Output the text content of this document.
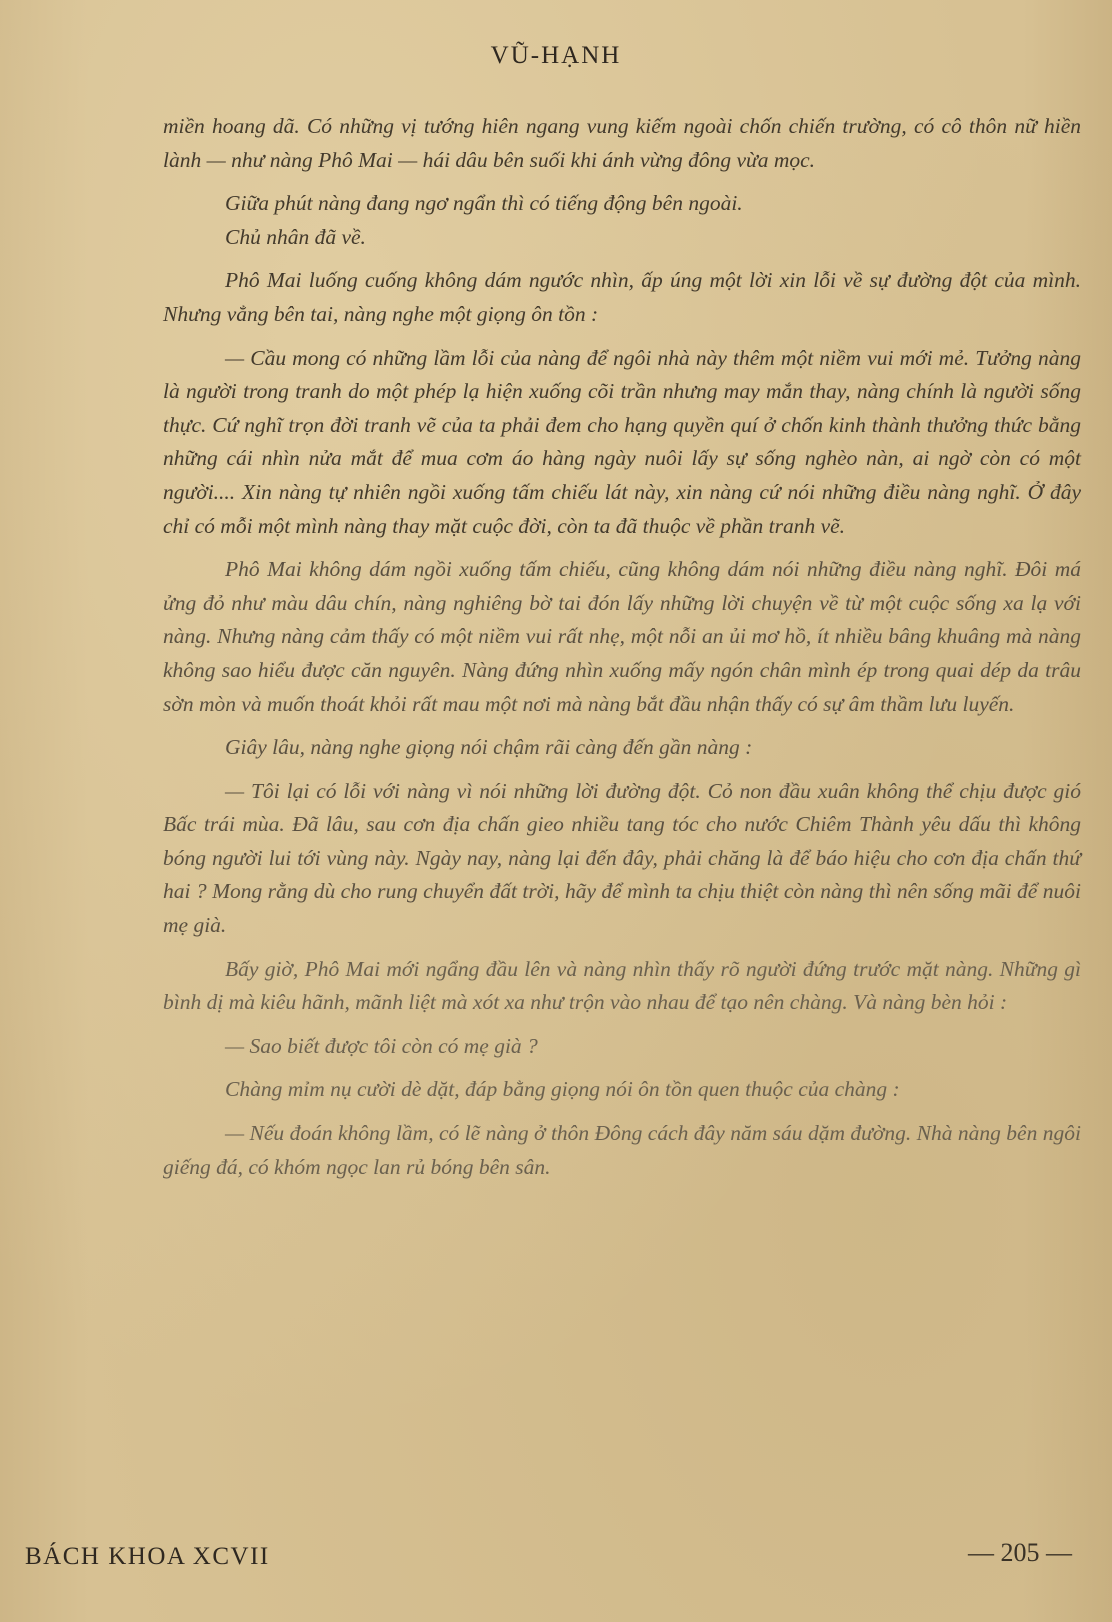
VŨ-HẠNH

miền hoang dã. Có những vị tướng hiên ngang vung kiếm ngoài chốn chiến trường, có cô thôn nữ hiền lành — như nàng Phô Mai — hái dâu bên suối khi ánh vừng đông vừa mọc.

Giữa phút nàng đang ngơ ngẩn thì có tiếng động bên ngoài.

Chủ nhân đã về.

Phô Mai luống cuống không dám ngước nhìn, ấp úng một lời xin lỗi về sự đường đột của mình. Nhưng vẳng bên tai, nàng nghe một giọng ôn tồn :

— Cầu mong có những lầm lỗi của nàng để ngôi nhà này thêm một niềm vui mới mẻ. Tưởng nàng là người trong tranh do một phép lạ hiện xuống cõi trần nhưng may mắn thay, nàng chính là người sống thực. Cứ nghĩ trọn đời tranh vẽ của ta phải đem cho hạng quyền quí ở chốn kinh thành thưởng thức bằng những cái nhìn nửa mắt để mua cơm áo hàng ngày nuôi lấy sự sống nghèo nàn, ai ngờ còn có một người.... Xin nàng tự nhiên ngồi xuống tấm chiếu lát này, xin nàng cứ nói những điều nàng nghĩ. Ở đây chỉ có mỗi một mình nàng thay mặt cuộc đời, còn ta đã thuộc về phần tranh vẽ.

Phô Mai không dám ngồi xuống tấm chiếu, cũng không dám nói những điều nàng nghĩ. Đôi má ửng đỏ như màu dâu chín, nàng nghiêng bờ tai đón lấy những lời chuyện về từ một cuộc sống xa lạ với nàng. Nhưng nàng cảm thấy có một niềm vui rất nhẹ, một nỗi an ủi mơ hồ, ít nhiều bâng khuâng mà nàng không sao hiểu được căn nguyên. Nàng đứng nhìn xuống mấy ngón chân mình ép trong quai dép da trâu sờn mòn và muốn thoát khỏi rất mau một nơi mà nàng bắt đầu nhận thấy có sự âm thầm lưu luyến.

Giây lâu, nàng nghe giọng nói chậm rãi càng đến gần nàng :

— Tôi lại có lỗi với nàng vì nói những lời đường đột. Cỏ non đầu xuân không thể chịu được gió Bấc trái mùa. Đã lâu, sau cơn địa chấn gieo nhiều tang tóc cho nước Chiêm Thành yêu dấu thì không bóng người lui tới vùng này. Ngày nay, nàng lại đến đây, phải chăng là để báo hiệu cho cơn địa chấn thứ hai ? Mong rằng dù cho rung chuyển đất trời, hãy để mình ta chịu thiệt còn nàng thì nên sống mãi để nuôi mẹ già.

Bấy giờ, Phô Mai mới ngẩng đầu lên và nàng nhìn thấy rõ người đứng trước mặt nàng. Những gì bình dị mà kiêu hãnh, mãnh liệt mà xót xa như trộn vào nhau để tạo nên chàng. Và nàng bèn hỏi :

— Sao biết được tôi còn có mẹ già ?

Chàng mỉm nụ cười dè dặt, đáp bằng giọng nói ôn tồn quen thuộc của chàng :

— Nếu đoán không lầm, có lẽ nàng ở thôn Đông cách đây năm sáu dặm đường. Nhà nàng bên ngôi giếng đá, có khóm ngọc lan rủ bóng bên sân.

BÁCH KHOA XCVII	— 205 —
